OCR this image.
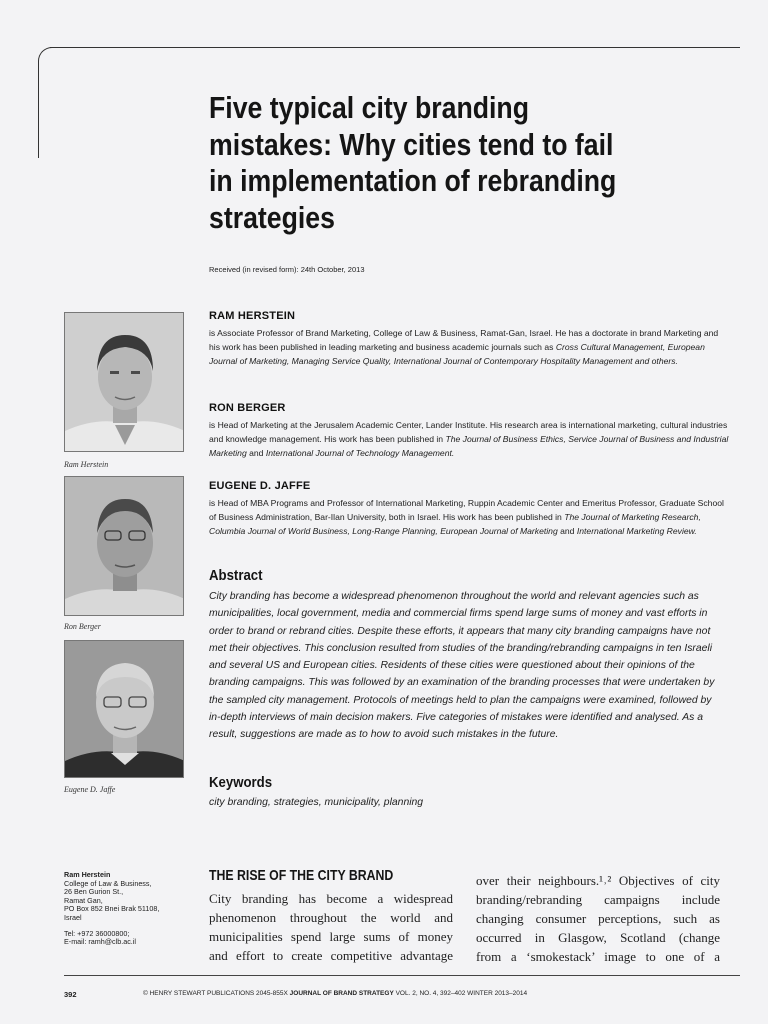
Five typical city branding
mistakes: Why cities tend to fail
in implementation of rebranding
strategies
Received (in revised form): 24th October, 2013
RAM HERSTEIN
is Associate Professor of Brand Marketing, College of Law & Business, Ramat-Gan, Israel. He has a doctorate in brand Marketing and his work has been published in leading marketing and business academic journals such as Cross Cultural Management, European Journal of Marketing, Managing Service Quality, International Journal of Contemporary Hospitality Management and others.
RON BERGER
is Head of Marketing at the Jerusalem Academic Center, Lander Institute. His research area is international marketing, cultural industries and knowledge management. His work has been published in The Journal of Business Ethics, Service Journal of Business and Industrial Marketing and International Journal of Technology Management.
EUGENE D. JAFFE
is Head of MBA Programs and Professor of International Marketing, Ruppin Academic Center and Emeritus Professor, Graduate School of Business Administration, Bar-Ilan University, both in Israel. His work has been published in The Journal of Marketing Research, Columbia Journal of World Business, Long-Range Planning, European Journal of Marketing and International Marketing Review.
Ram Herstein
Ron Berger
Eugene D. Jaffe
Abstract
City branding has become a widespread phenomenon throughout the world and relevant agencies such as municipalities, local government, media and commercial firms spend large sums of money and vast efforts in order to brand or rebrand cities. Despite these efforts, it appears that many city branding campaigns have not met their objectives. This conclusion resulted from studies of the branding/rebranding campaigns in ten Israeli and several US and European cities. Residents of these cities were questioned about their opinions of the branding campaigns. This was followed by an examination of the branding processes that were undertaken by the sampled city management. Protocols of meetings held to plan the campaigns were examined, followed by in-depth interviews of main decision makers. Five categories of mistakes were identified and analysed. As a result, suggestions are made as to how to avoid such mistakes in the future.
Keywords
city branding, strategies, municipality, planning
Ram Herstein
College of Law & Business,
26 Ben Gurion St.,
Ramat Gan,
PO Box 852 Bnei Brak 51108,
Israel
Tel: +972 36000800;
E-mail: ramh@clb.ac.il
THE RISE OF THE CITY BRAND
City branding has become a widespread
phenomenon throughout the world and
municipalities spend large sums of money
and effort to create competitive advantage
over their neighbours.¹˒² Objectives of city
branding/rebranding campaigns include
changing consumer perceptions, such as
occurred in Glasgow, Scotland (change
from a ‘smokestack’ image to one of a
392	© HENRY STEWART PUBLICATIONS 2045-855X JOURNAL OF BRAND STRATEGY VOL. 2, NO. 4, 392–402 WINTER 2013–2014
